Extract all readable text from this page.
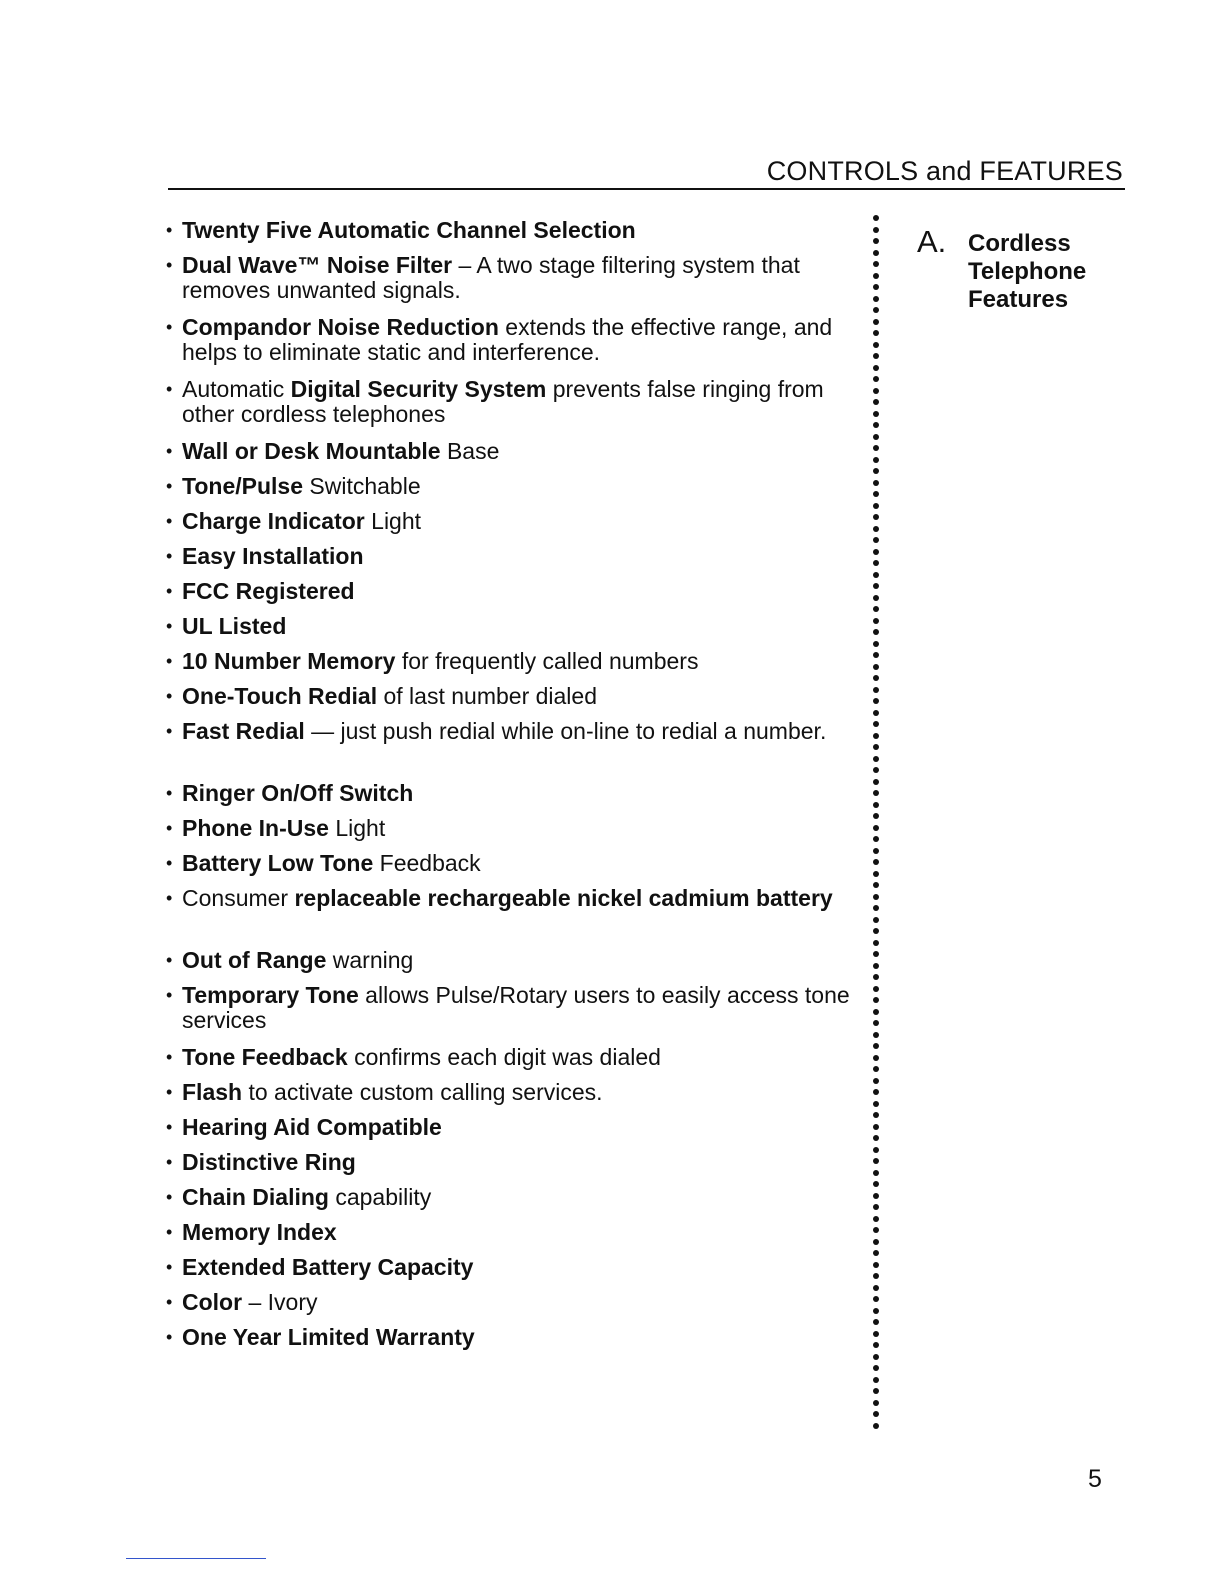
CONTROLS and FEATURES
• Twenty Five Automatic Channel Selection
• Dual Wave™ Noise Filter – A two stage filtering system that removes unwanted signals.
• Compandor Noise Reduction extends the effective range, and helps to eliminate static and interference.
• Automatic Digital Security System prevents false ringing from other cordless telephones
• Wall or Desk Mountable Base
• Tone/Pulse Switchable
• Charge Indicator Light
• Easy Installation
• FCC Registered
• UL Listed
• 10 Number Memory for frequently called numbers
• One-Touch Redial of last number dialed
• Fast Redial — just push redial while on-line to redial a number.
• Ringer On/Off Switch
• Phone In-Use Light
• Battery Low Tone Feedback
• Consumer replaceable rechargeable nickel cadmium battery
• Out of Range warning
• Temporary Tone allows Pulse/Rotary users to easily access tone services
• Tone Feedback confirms each digit was dialed
• Flash to activate custom calling services.
• Hearing Aid Compatible
• Distinctive Ring
• Chain Dialing capability
• Memory Index
• Extended Battery Capacity
• Color – Ivory
• One Year Limited Warranty
A. Cordless
Telephone
Features
5
